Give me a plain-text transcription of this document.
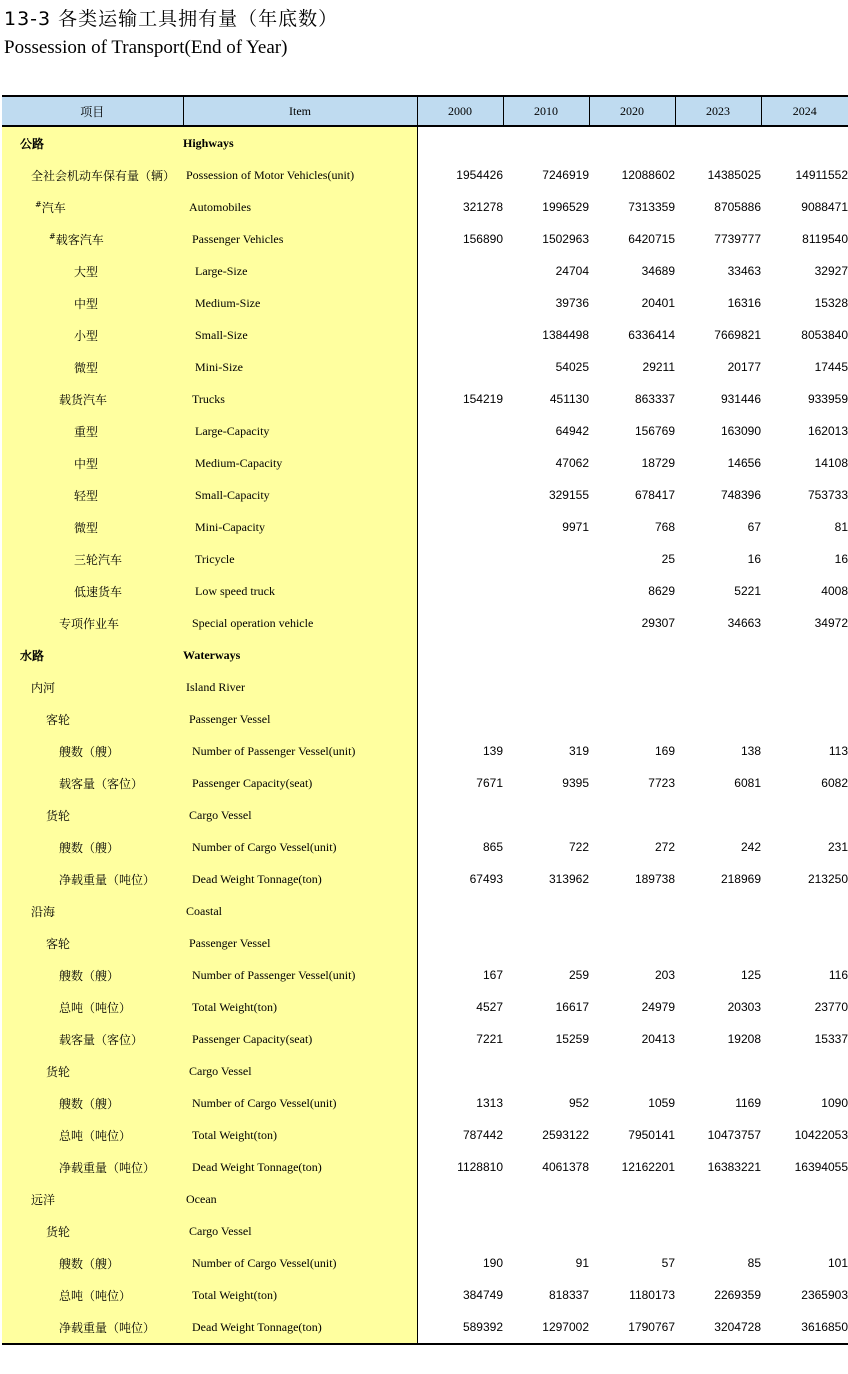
13-3 各类运输工具拥有量（年底数）
Possession of Transport(End of Year)
项目	Item	2000	2010	2020	2023	2024
公路	Highways					
全社会机动车保有量（辆）	Possession of Motor Vehicles(unit)	1954426	7246919	12088602	14385025	14911552
#汽车	Automobiles	321278	1996529	7313359	8705886	9088471
#载客汽车	Passenger Vehicles	156890	1502963	6420715	7739777	8119540
大型	Large-Size		24704	34689	33463	32927
中型	Medium-Size		39736	20401	16316	15328
小型	Small-Size		1384498	6336414	7669821	8053840
微型	Mini-Size		54025	29211	20177	17445
载货汽车	Trucks	154219	451130	863337	931446	933959
重型	Large-Capacity		64942	156769	163090	162013
中型	Medium-Capacity		47062	18729	14656	14108
轻型	Small-Capacity		329155	678417	748396	753733
微型	Mini-Capacity		9971	768	67	81
三轮汽车	Tricycle			25	16	16
低速货车	Low speed truck			8629	5221	4008
专项作业车	Special operation vehicle			29307	34663	34972
水路	Waterways					
内河	Island River					
客轮	Passenger Vessel					
艘数（艘）	Number of Passenger Vessel(unit)	139	319	169	138	113
载客量（客位）	Passenger Capacity(seat)	7671	9395	7723	6081	6082
货轮	Cargo Vessel					
艘数（艘）	Number of Cargo Vessel(unit)	865	722	272	242	231
净载重量（吨位）	Dead Weight Tonnage(ton)	67493	313962	189738	218969	213250
沿海	Coastal					
客轮	Passenger Vessel					
艘数（艘）	Number of Passenger Vessel(unit)	167	259	203	125	116
总吨（吨位）	Total Weight(ton)	4527	16617	24979	20303	23770
载客量（客位）	Passenger Capacity(seat)	7221	15259	20413	19208	15337
货轮	Cargo Vessel					
艘数（艘）	Number of Cargo Vessel(unit)	1313	952	1059	1169	1090
总吨（吨位）	Total Weight(ton)	787442	2593122	7950141	10473757	10422053
净载重量（吨位）	Dead Weight Tonnage(ton)	1128810	4061378	12162201	16383221	16394055
远洋	Ocean					
货轮	Cargo Vessel					
艘数（艘）	Number of Cargo Vessel(unit)	190	91	57	85	101
总吨（吨位）	Total Weight(ton)	384749	818337	1180173	2269359	2365903
净载重量（吨位）	Dead Weight Tonnage(ton)	589392	1297002	1790767	3204728	3616850
